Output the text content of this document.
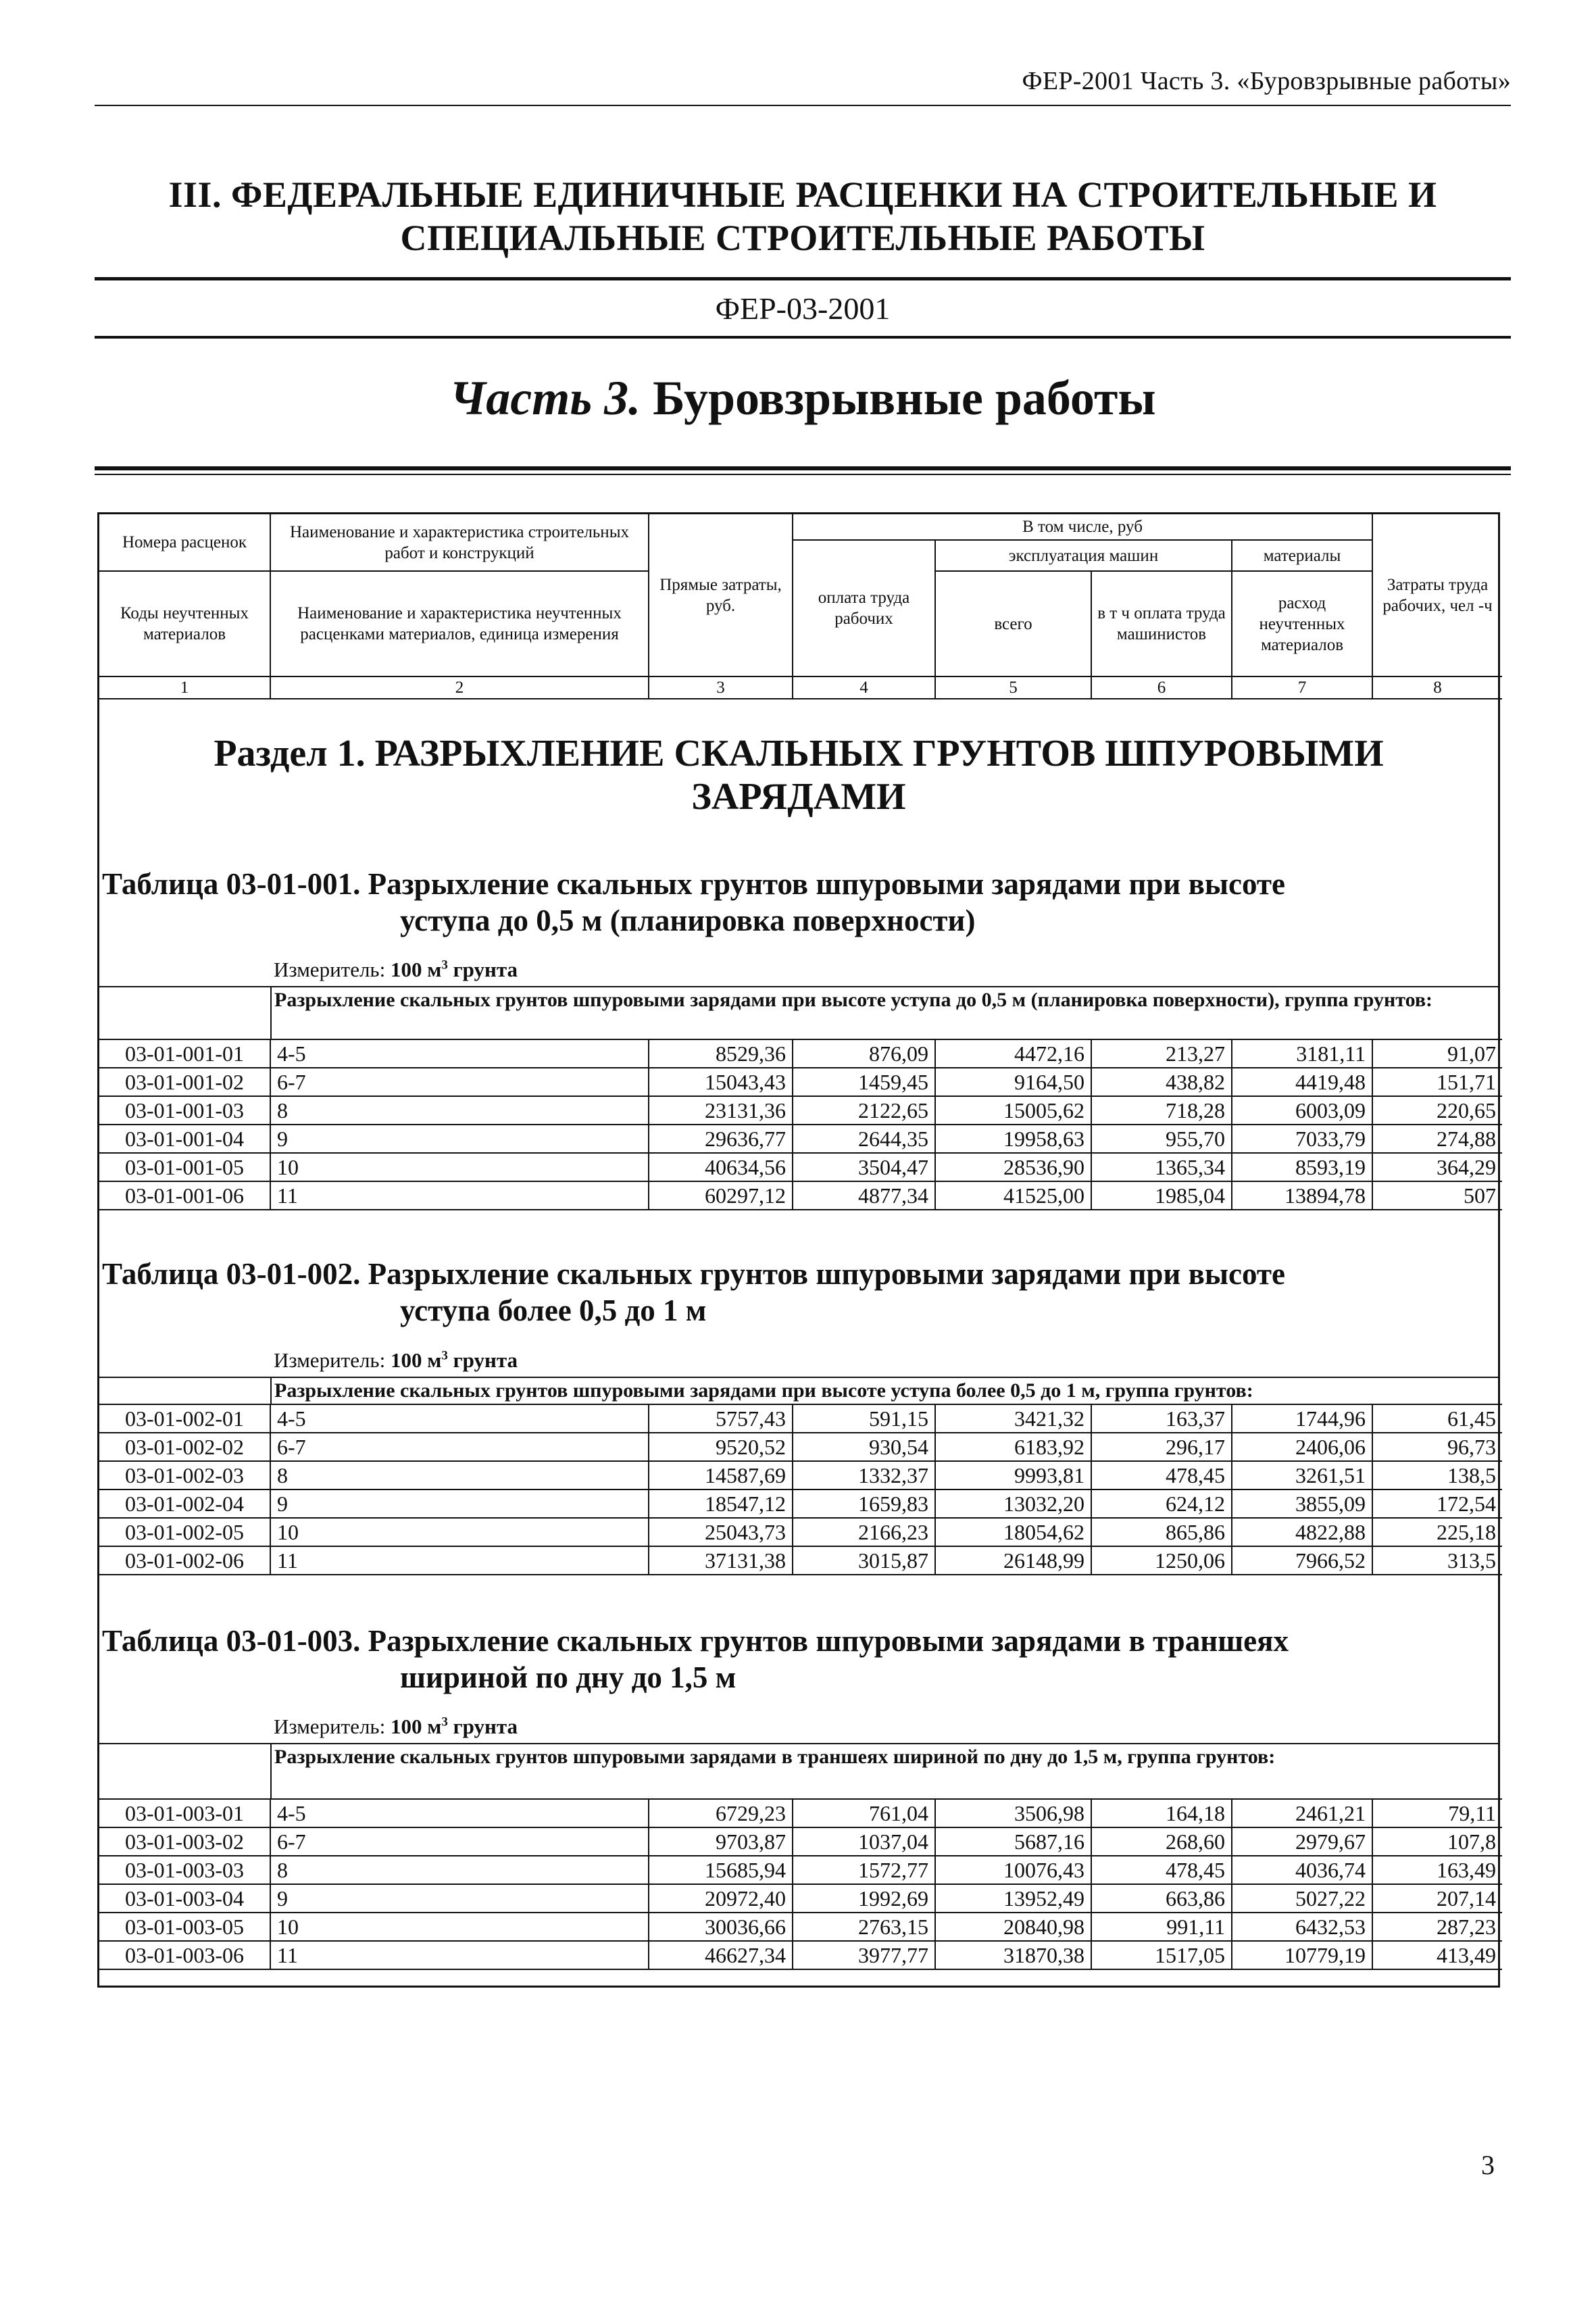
ФЕР-2001 Часть 3. «Буровзрывные работы»
III. ФЕДЕРАЛЬНЫЕ ЕДИНИЧНЫЕ РАСЦЕНКИ НА СТРОИТЕЛЬНЫЕ И
СПЕЦИАЛЬНЫЕ СТРОИТЕЛЬНЫЕ РАБОТЫ
ФЕР-03-2001
Часть 3. Буровзрывные работы
Номера расценок	Наименование и характеристика строительных работ и конструкций	Прямые затраты, руб.	В том числе, руб				Затраты труда рабочих, чел -ч
			оплата труда рабочих	эксплуатация машин		материалы	
Коды неучтенных материалов	Наименование и характеристика неучтенных расценками материалов, единица измерения			всего	в т ч оплата труда машинистов	расход неучтенных материалов	

1	2	3	4	5	6	7	8
Раздел 1. РАЗРЫХЛЕНИЕ СКАЛЬНЫХ ГРУНТОВ ШПУРОВЫМИ
ЗАРЯДАМИ
Таблица 03-01-001. Разрыхление скальных грунтов шпуровыми зарядами при высоте
уступа до 0,5 м (планировка поверхности)
Измеритель: 100 $м^3$ грунта
Разрыхление скальных грунтов шпуровыми зарядами при высоте уступа до 0,5 м (планировка поверхности), группа грунтов:
03-01-001-01	4-5	8529,36	876,09	4472,16	213,27	3181,11	91,07
03-01-001-02	6-7	15043,43	1459,45	9164,50	438,82	4419,48	151,71
03-01-001-03	8	23131,36	2122,65	15005,62	718,28	6003,09	220,65
03-01-001-04	9	29636,77	2644,35	19958,63	955,70	7033,79	274,88
03-01-001-05	10	40634,56	3504,47	28536,90	1365,34	8593,19	364,29
03-01-001-06	11	60297,12	4877,34	41525,00	1985,04	13894,78	507
Таблица 03-01-002. Разрыхление скальных грунтов шпуровыми зарядами при высоте
уступа более 0,5 до 1 м
Измеритель: 100 $м^3$ грунта
Разрыхление скальных грунтов шпуровыми зарядами при высоте уступа более 0,5 до 1 м, группа грунтов:
03-01-002-01	4-5	5757,43	591,15	3421,32	163,37	1744,96	61,45
03-01-002-02	6-7	9520,52	930,54	6183,92	296,17	2406,06	96,73
03-01-002-03	8	14587,69	1332,37	9993,81	478,45	3261,51	138,5
03-01-002-04	9	18547,12	1659,83	13032,20	624,12	3855,09	172,54
03-01-002-05	10	25043,73	2166,23	18054,62	865,86	4822,88	225,18
03-01-002-06	11	37131,38	3015,87	26148,99	1250,06	7966,52	313,5
Таблица 03-01-003. Разрыхление скальных грунтов шпуровыми зарядами в траншеях
шириной по дну до 1,5 м
Измеритель: 100 $м^3$ грунта
Разрыхление скальных грунтов шпуровыми зарядами в траншеях шириной по дну до 1,5 м, группа грунтов:
03-01-003-01	4-5	6729,23	761,04	3506,98	164,18	2461,21	79,11
03-01-003-02	6-7	9703,87	1037,04	5687,16	268,60	2979,67	107,8
03-01-003-03	8	15685,94	1572,77	10076,43	478,45	4036,74	163,49
03-01-003-04	9	20972,40	1992,69	13952,49	663,86	5027,22	207,14
03-01-003-05	10	30036,66	2763,15	20840,98	991,11	6432,53	287,23
03-01-003-06	11	46627,34	3977,77	31870,38	1517,05	10779,19	413,49
3
